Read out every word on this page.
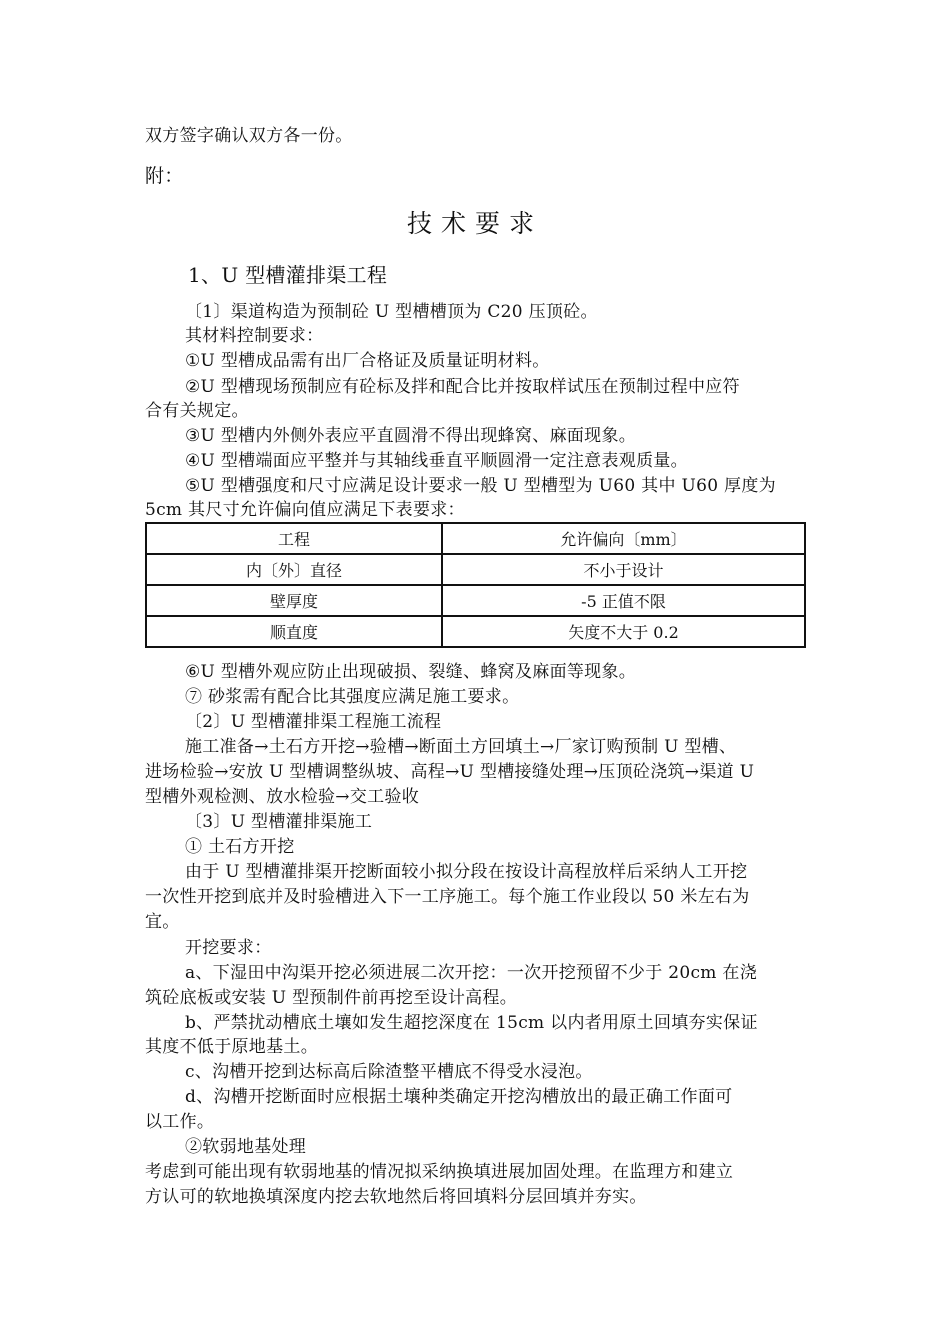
双方签字确认双方各一份。
附：
技术要求
1、U 型槽灌排渠工程
〔1〕渠道构造为预制砼 U 型槽槽顶为 C20 压顶砼。
其材料控制要求：
①U 型槽成品需有出厂合格证及质量证明材料。
②U 型槽现场预制应有砼标及拌和配合比并按取样试压在预制过程中应符
合有关规定。
③U 型槽内外侧外表应平直圆滑不得出现蜂窝、麻面现象。
④U 型槽端面应平整并与其轴线垂直平顺圆滑一定注意表观质量。
⑤U 型槽强度和尺寸应满足设计要求一般 U 型槽型为 U60 其中 U60 厚度为
5cm 其尺寸允许偏向值应满足下表要求：
工程	允许偏向〔mm〕
内〔外〕直径	不小于设计
壁厚度	-5 正值不限
顺直度	矢度不大于 0.2
⑥U 型槽外观应防止出现破损、裂缝、蜂窝及麻面等现象。
⑦ 砂浆需有配合比其强度应满足施工要求。
〔2〕U 型槽灌排渠工程施工流程
施工准备→土石方开挖→验槽→断面土方回填土→厂家订购预制 U 型槽、
进场检验→安放 U 型槽调整纵坡、高程→U 型槽接缝处理→压顶砼浇筑→渠道 U
型槽外观检测、放水检验→交工验收
〔3〕U 型槽灌排渠施工
① 土石方开挖
由于 U 型槽灌排渠开挖断面较小拟分段在按设计高程放样后采纳人工开挖
一次性开挖到底并及时验槽进入下一工序施工。每个施工作业段以 50 米左右为
宜。
开挖要求：
a、下湿田中沟渠开挖必须进展二次开挖：一次开挖预留不少于 20cm 在浇
筑砼底板或安装 U 型预制件前再挖至设计高程。
b、严禁扰动槽底土壤如发生超挖深度在 15cm 以内者用原土回填夯实保证
其度不低于原地基土。
c、沟槽开挖到达标高后除渣整平槽底不得受水浸泡。
d、沟槽开挖断面时应根据土壤种类确定开挖沟槽放出的最正确工作面可
以工作。
②软弱地基处理
考虑到可能出现有软弱地基的情况拟采纳换填进展加固处理。在监理方和建立
方认可的软地换填深度内挖去软地然后将回填料分层回填并夯实。
